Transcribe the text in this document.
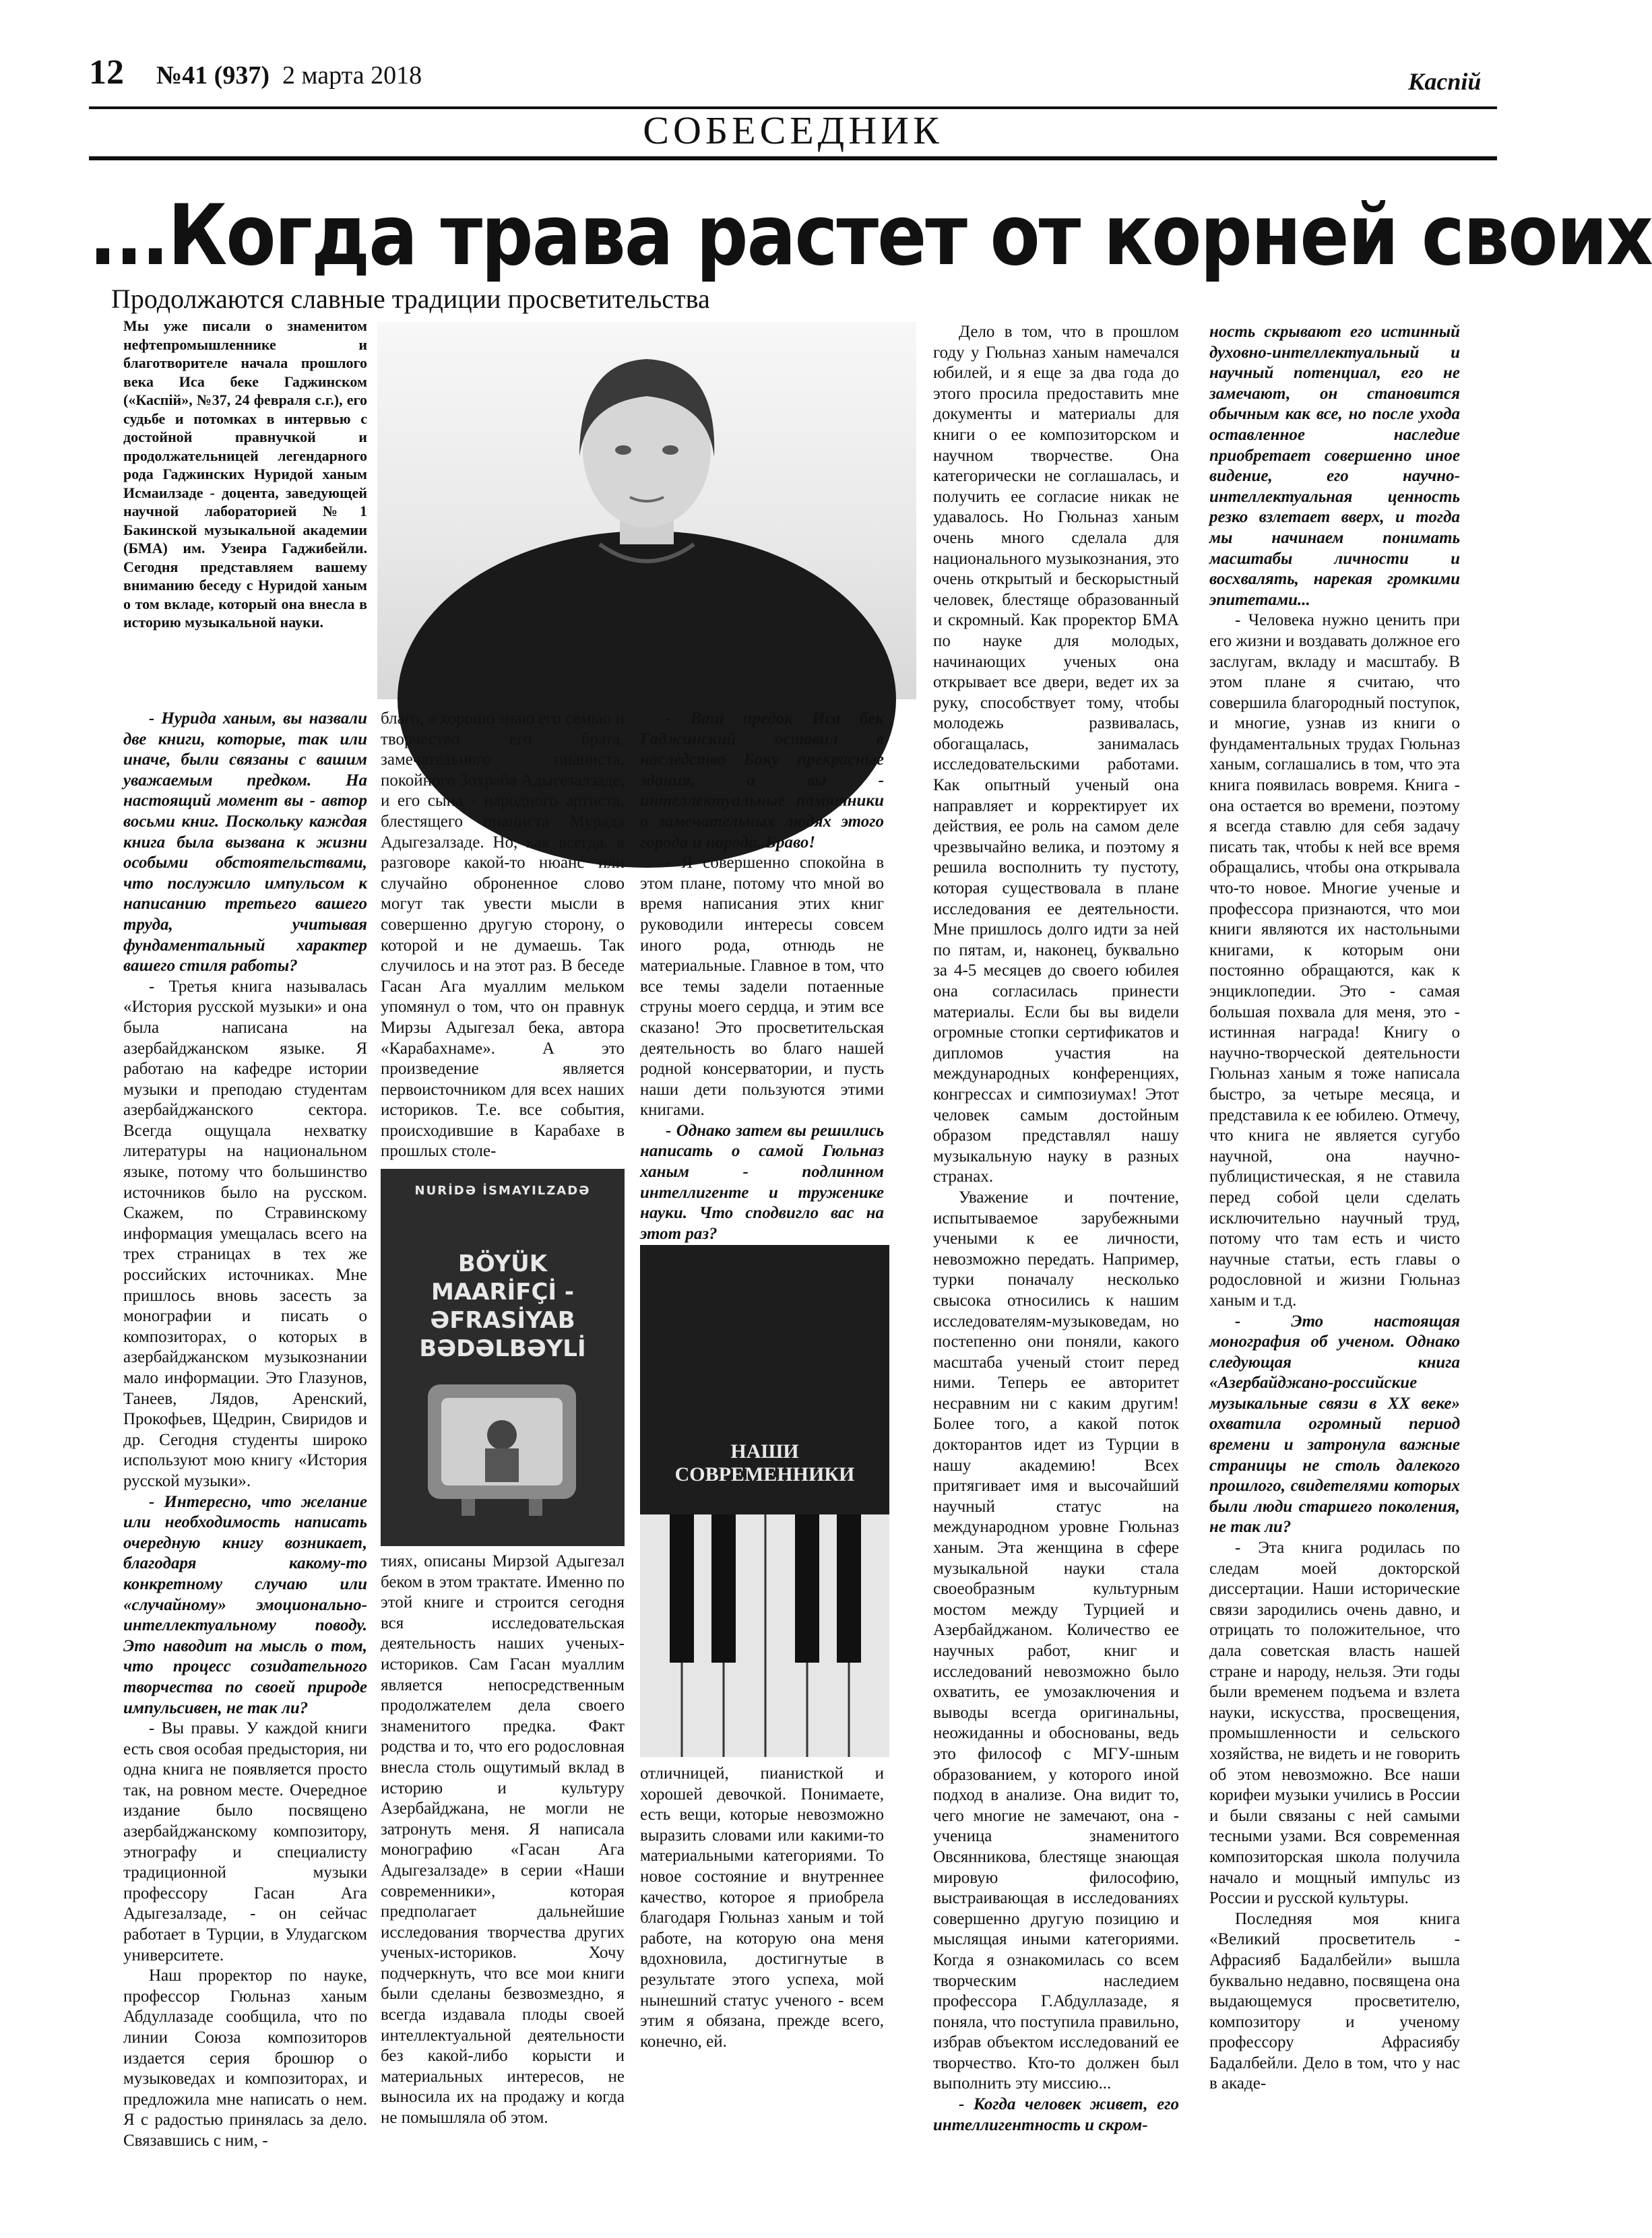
12 №41 (937) 2 марта 2018	Каспiй
СОБЕСЕДНИК
...Когда трава растет от корней своих
Продолжаются славные традиции просветительства

Мы уже писали о знаменитом нефтепромышленнике и благотворителе начала прошлого века Иса беке Гаджинском («Каспiй», №37, 24 февраля с.г.), его судьбе и потомках в интервью с достойной правнучкой и продолжательницей легендарного рода Гаджинских Нуридой ханым Исмаилзаде - доцента, заведующей научной лабораторией №1 Бакинской музыкальной академии (БМА) им. Узеира Гаджибейли. Сегодня представляем вашему вниманию беседу с Нуридой ханым о том вкладе, который она внесла в историю музыкальной науки.

- Нурида ханым, вы назвали две книги, которые, так или иначе, были связаны с вашим уважаемым предком. На настоящий момент вы - автор восьми книг. Поскольку каждая книга была вызвана к жизни особыми обстоятельствами, что послужило импульсом к написанию третьего вашего труда, учитывая фундаментальный характер вашего стиля работы?

- Третья книга называлась «История русской музыки» и она была написана на азербайджанском языке. Я работаю на кафедре истории музыки и преподаю студентам азербайджанского сектора. Всегда ощущала нехватку литературы на национальном языке, потому что большинство источников было на русском. Скажем, по Стравинскому информация умещалась всего на трех страницах в тех же российских источниках. Мне пришлось вновь засесть за монографии и писать о композиторах, о которых в азербайджанском музыкознании мало информации. Это Глазунов, Танеев, Лядов, Аренский, Прокофьев, Щедрин, Свиридов и др. Сегодня студенты широко используют мою книгу «История русской музыки».

- Интересно, что желание или необходимость написать очередную книгу возникает, благодаря какому-то конкретному случаю или «случайному» эмоционально-интеллектуальному поводу. Это наводит на мысль о том, что процесс созидательного творчества по своей природе импульсивен, не так ли?

- Вы правы. У каждой книги есть своя особая предыстория, ни одна книга не появляется просто так, на ровном месте. Очередное издание было посвящено азербайджанскому композитору, этнографу и специалисту традиционной музыки профессору Гасан Ага Адыгезалзаде, - он сейчас работает в Турции, в Улудагском университете.

Наш проректор по науке, профессор Гюльназ ханым Абдуллазаде сообщила, что по линии Союза композиторов издается серия брошюр о музыковедах и композиторах, и предложила мне написать о нем. Я с радостью принялась за дело. Связавшись с ним, -

благо, я хорошо знаю его семью и творчество его брата, замечательного пианиста, покойного Зохраба Адыгезалзаде, и его сына - народного артиста, блестящего пианиста Мурада Адыгезалзаде. Но, как всегда, в разговоре какой-то нюанс или случайно оброненное слово могут так увести мысли в совершенно другую сторону, о которой и не думаешь. Так случилось и на этот раз. В беседе Гасан Ага муаллим мельком упомянул о том, что он правнук Мирзы Адыгезал бека, автора «Карабахнаме». А это произведение является первоисточником для всех наших историков. Т.е. все события, происходившие в Карабахе в прошлых столе-

NURİDƏ İSMAYILZADƏ
BÖYÜK MAARİFÇİ - ƏFRASİYAB BƏDƏLBƏYLİ

тиях, описаны Мирзой Адыгезал беком в этом трактате. Именно по этой книге и строится сегодня вся исследовательская деятельность наших ученых-историков. Сам Гасан муаллим является непосредственным продолжателем дела своего знаменитого предка. Факт родства и то, что его родословная внесла столь ощутимый вклад в историю и культуру Азербайджана, не могли не затронуть меня. Я написала монографию «Гасан Ага Адыгезалзаде» в серии «Наши современники», которая предполагает дальнейшие исследования творчества других ученых-историков. Хочу подчеркнуть, что все мои книги были сделаны безвозмездно, я всегда издавала плоды своей интеллектуальной деятельности без какой-либо корысти и материальных интересов, не выносила их на продажу и когда не помышляла об этом.

- Ваш предок Иса бек Гаджинский оставил в наследство Баку прекрасные здания, а вы - интеллектуальные памятники о замечательных людях этого города и народа. Браво!

- Я совершенно спокойна в этом плане, потому что мной во время написания этих книг руководили интересы совсем иного рода, отнюдь не материальные. Главное в том, что все темы задели потаенные струны моего сердца, и этим все сказано! Это просветительская деятельность во благо нашей родной консерватории, и пусть наши дети пользуются этими книгами.

- Однако затем вы решились написать о самой Гюльназ ханым - подлинном интеллигенте и труженике науки. Что сподвигло вас на этот раз?

НАШИ СОВРЕМЕННИКИ

отличницей, пианисткой и хорошей девочкой. Понимаете, есть вещи, которые невозможно выразить словами или какими-то материальными категориями. То новое состояние и внутреннее качество, которое я приобрела благодаря Гюльназ ханым и той работе, на которую она меня вдохновила, достигнутые в результате этого успеха, мой нынешний статус ученого - всем этим я обязана, прежде всего, конечно, ей.

Дело в том, что в прошлом году у Гюльназ ханым намечался юбилей, и я еще за два года до этого просила предоставить мне документы и материалы для книги о ее композиторском и научном творчестве. Она категорически не соглашалась, и получить ее согласие никак не удавалось. Но Гюльназ ханым очень много сделала для национального музыкознания, это очень открытый и бескорыстный человек, блестяще образованный и скромный. Как проректор БМА по науке для молодых, начинающих ученых она открывает все двери, ведет их за руку, способствует тому, чтобы молодежь развивалась, обогащалась, занималась исследовательскими работами. Как опытный ученый она направляет и корректирует их действия, ее роль на самом деле чрезвычайно велика, и поэтому я решила восполнить ту пустоту, которая существовала в плане исследования ее деятельности. Мне пришлось долго идти за ней по пятам, и, наконец, буквально за 4-5 месяцев до своего юбилея она согласилась принести материалы. Если бы вы видели огромные стопки сертификатов и дипломов участия на международных конференциях, конгрессах и симпозиумах! Этот человек самым достойным образом представлял нашу музыкальную науку в разных странах.

Уважение и почтение, испытываемое зарубежными учеными к ее личности, невозможно передать. Например, турки поначалу несколько свысока относились к нашим исследователям-музыковедам, но постепенно они поняли, какого масштаба ученый стоит перед ними. Теперь ее авторитет несравним ни с каким другим! Более того, а какой поток докторантов идет из Турции в нашу академию! Всех притягивает имя и высочайший научный статус на международном уровне Гюльназ ханым. Эта женщина в сфере музыкальной науки стала своеобразным культурным мостом между Турцией и Азербайджаном. Количество ее научных работ, книг и исследований невозможно было охватить, ее умозаключения и выводы всегда оригинальны, неожиданны и обоснованы, ведь это философ с МГУ-шным образованием, у которого иной подход в анализе. Она видит то, чего многие не замечают, она - ученица знаменитого Овсянникова, блестяще знающая мировую философию, выстраивающая в исследованиях совершенно другую позицию и мыслящая иными категориями. Когда я ознакомилась со всем творческим наследием профессора Г.Абдуллазаде, я поняла, что поступила правильно, избрав объектом исследований ее творчество. Кто-то должен был выполнить эту миссию...

- Когда человек живет, его интеллигентность и скром-

ность скрывают его истинный духовно-интеллектуальный и научный потенциал, его не замечают, он становится обычным как все, но после ухода оставленное наследие приобретает совершенно иное видение, его научно-интеллектуальная ценность резко взлетает вверх, и тогда мы начинаем понимать масштабы личности и восхвалять, нарекая громкими эпитетами...

- Человека нужно ценить при его жизни и воздавать должное его заслугам, вкладу и масштабу. В этом плане я считаю, что совершила благородный поступок, и многие, узнав из книги о фундаментальных трудах Гюльназ ханым, соглашались в том, что эта книга появилась вовремя. Книга - она остается во времени, поэтому я всегда ставлю для себя задачу писать так, чтобы к ней все время обращались, чтобы она открывала что-то новое. Многие ученые и профессора признаются, что мои книги являются их настольными книгами, к которым они постоянно обращаются, как к энциклопедии. Это - самая большая похвала для меня, это - истинная награда! Книгу о научно-творческой деятельности Гюльназ ханым я тоже написала быстро, за четыре месяца, и представила к ее юбилею. Отмечу, что книга не является сугубо научной, она научно-публицистическая, я не ставила перед собой цели сделать исключительно научный труд, потому что там есть и чисто научные статьи, есть главы о родословной и жизни Гюльназ ханым и т.д.

- Это настоящая монография об ученом. Однако следующая книга «Азербайджано-российские музыкальные связи в XX веке» охватила огромный период времени и затронула важные страницы не столь далекого прошлого, свидетелями которых были люди старшего поколения, не так ли?

- Эта книга родилась по следам моей докторской диссертации. Наши исторические связи зародились очень давно, и отрицать то положительное, что дала советская власть нашей стране и народу, нельзя. Эти годы были временем подъема и взлета науки, искусства, просвещения, промышленности и сельского хозяйства, не видеть и не говорить об этом невозможно. Все наши корифеи музыки учились в России и были связаны с ней самыми тесными узами. Вся современная композиторская школа получила начало и мощный импульс из России и русской культуры.

Последняя моя книга «Великий просветитель - Афрасияб Бадалбейли» вышла буквально недавно, посвящена она выдающемуся просветителю, композитору и ученому профессору Афрасиябу Бадалбейли. Дело в том, что у нас в акаде-
